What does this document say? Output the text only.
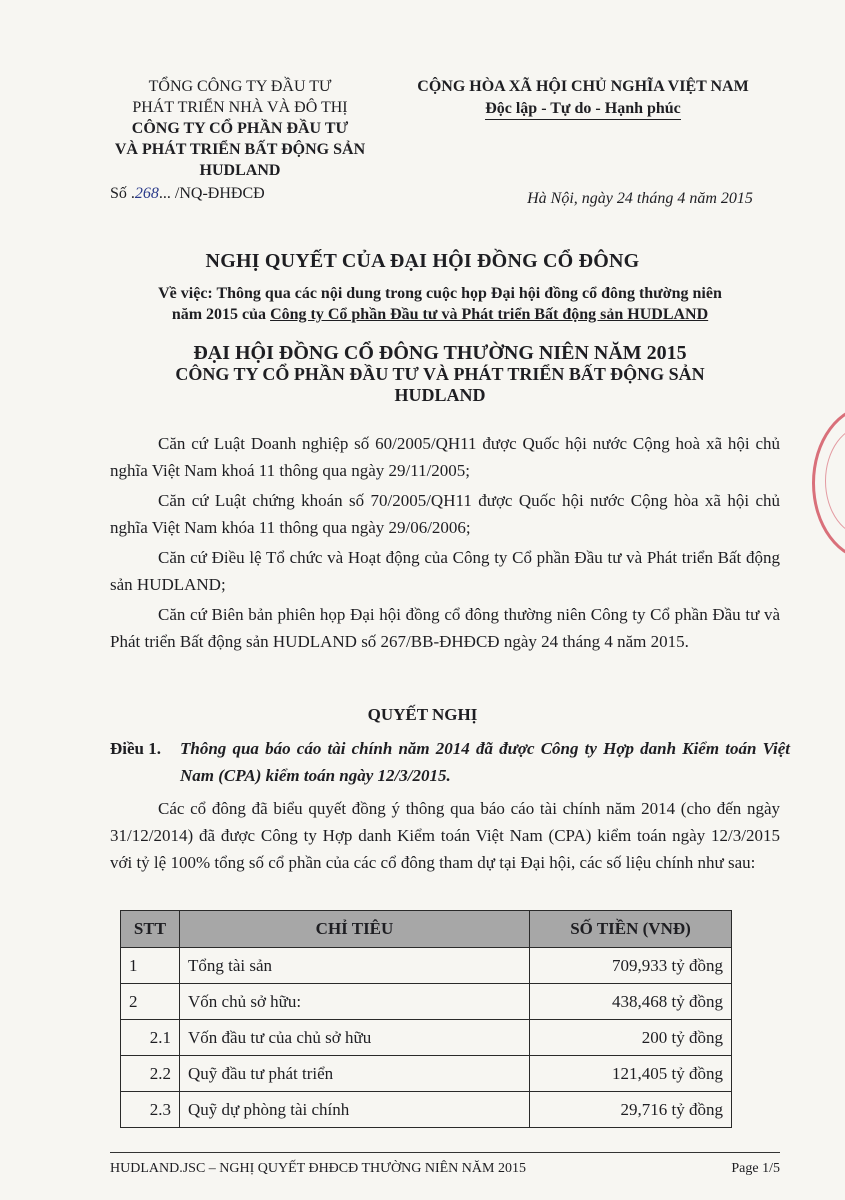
TỔNG CÔNG TY ĐẦU TƯ
PHÁT TRIỂN NHÀ VÀ ĐÔ THỊ
CÔNG TY CỔ PHẦN ĐẦU TƯ
VÀ PHÁT TRIỂN BẤT ĐỘNG SẢN
HUDLAND
Số .268... /NQ-ĐHĐCĐ
CỘNG HÒA XÃ HỘI CHỦ NGHĨA VIỆT NAM
Độc lập - Tự do - Hạnh phúc
Hà Nội, ngày 24 tháng 4 năm 2015
NGHỊ QUYẾT CỦA ĐẠI HỘI ĐỒNG CỔ ĐÔNG
Về việc: Thông qua các nội dung trong cuộc họp Đại hội đồng cổ đông thường niên
năm 2015 của Công ty Cổ phần Đầu tư và Phát triển Bất động sản HUDLAND
ĐẠI HỘI ĐỒNG CỔ ĐÔNG THƯỜNG NIÊN NĂM 2015
CÔNG TY CỔ PHẦN ĐẦU TƯ VÀ PHÁT TRIỂN BẤT ĐỘNG SẢN
HUDLAND

Căn cứ Luật Doanh nghiệp số 60/2005/QH11 được Quốc hội nước Cộng hoà xã hội chủ nghĩa Việt Nam khoá 11 thông qua ngày 29/11/2005;

Căn cứ Luật chứng khoán số 70/2005/QH11 được Quốc hội nước Cộng hòa xã hội chủ nghĩa Việt Nam khóa 11 thông qua ngày 29/06/2006;

Căn cứ Điều lệ Tổ chức và Hoạt động của Công ty Cổ phần Đầu tư và Phát triển Bất động sản HUDLAND;

Căn cứ Biên bản phiên họp Đại hội đồng cổ đông thường niên Công ty Cổ phần Đầu tư và Phát triển Bất động sản HUDLAND số 267/BB-ĐHĐCĐ ngày 24 tháng 4 năm 2015.

QUYẾT NGHỊ
Điều 1. Thông qua báo cáo tài chính năm 2014 đã được Công ty Hợp danh Kiểm toán Việt Nam (CPA) kiểm toán ngày 12/3/2015.

Các cổ đông đã biểu quyết đồng ý thông qua báo cáo tài chính năm 2014 (cho đến ngày 31/12/2014) đã được Công ty Hợp danh Kiểm toán Việt Nam (CPA) kiểm toán ngày 12/3/2015 với tỷ lệ 100% tổng số cổ phần của các cổ đông tham dự tại Đại hội, các số liệu chính như sau:

STT	CHỈ TIÊU	SỐ TIỀN (VNĐ)
1	Tổng tài sản	709,933 tỷ đồng
2	Vốn chủ sở hữu:	438,468 tỷ đồng
2.1	Vốn đầu tư của chủ sở hữu	200 tỷ đồng
2.2	Quỹ đầu tư phát triển	121,405 tỷ đồng
2.3	Quỹ dự phòng tài chính	29,716 tỷ đồng
HUDLAND.JSC – NGHỊ QUYẾT ĐHĐCĐ THƯỜNG NIÊN NĂM 2015	Page 1/5
